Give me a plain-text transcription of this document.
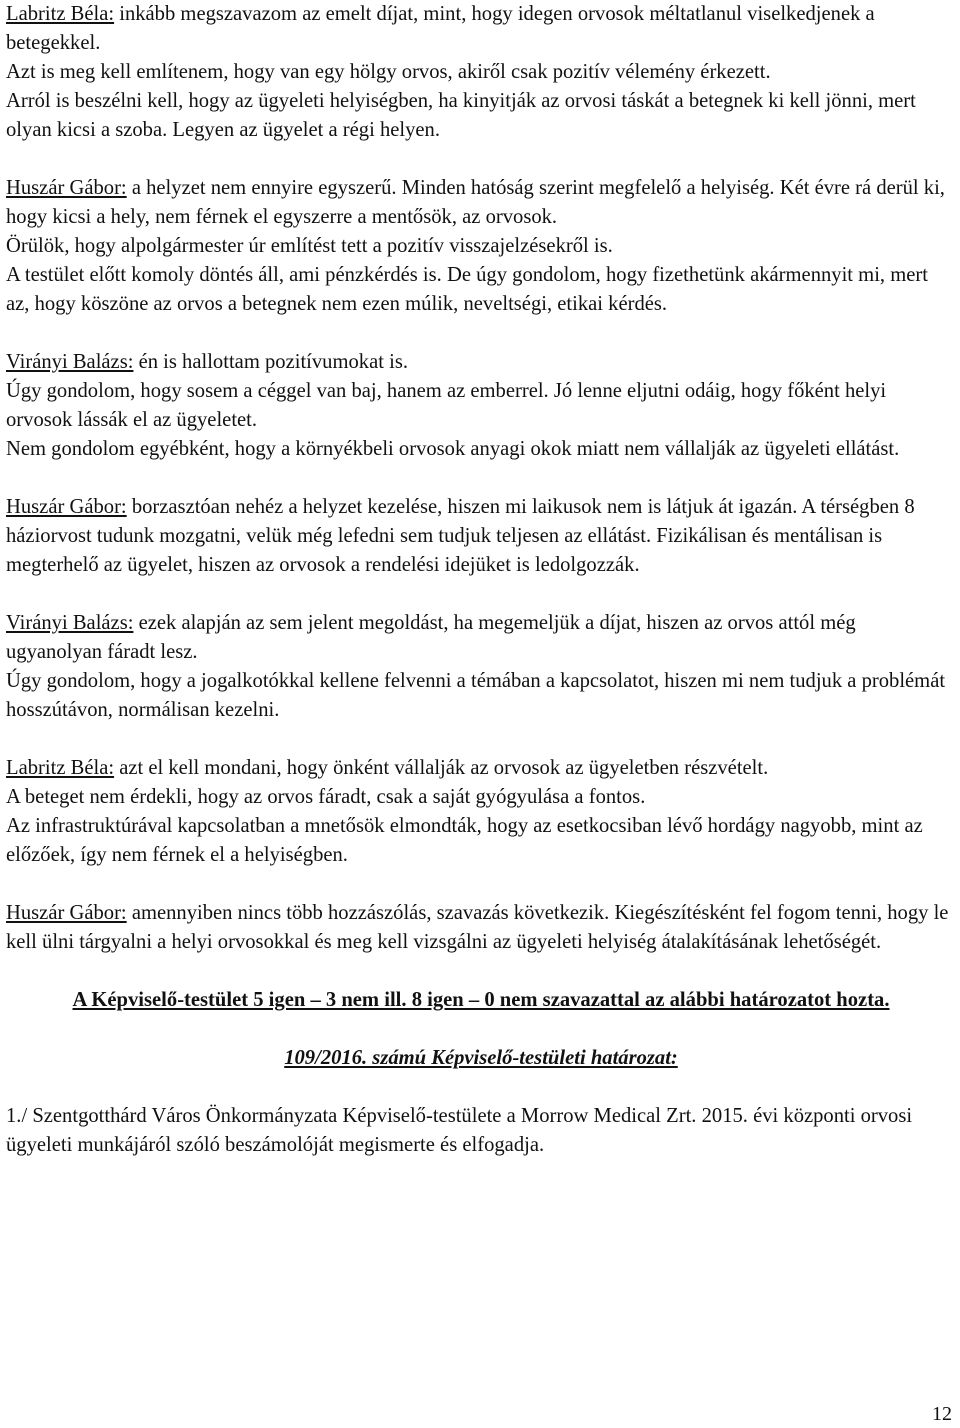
Labritz Béla: inkább megszavazom az emelt díjat, mint, hogy idegen orvosok méltatlanul viselkedjenek a betegekkel.

Azt is meg kell említenem, hogy van egy hölgy orvos, akiről csak pozitív vélemény érkezett.

Arról is beszélni kell, hogy az ügyeleti helyiségben, ha kinyitják az orvosi táskát a betegnek ki kell jönni, mert olyan kicsi a szoba. Legyen az ügyelet a régi helyen.

Huszár Gábor: a helyzet nem ennyire egyszerű. Minden hatóság szerint megfelelő a helyiség. Két évre rá derül ki, hogy kicsi a hely, nem férnek el egyszerre a mentősök, az orvosok.

Örülök, hogy alpolgármester úr említést tett a pozitív visszajelzésekről is.

A testület előtt komoly döntés áll, ami pénzkérdés is. De úgy gondolom, hogy fizethetünk akármennyit mi, mert az, hogy köszöne az orvos a betegnek nem ezen múlik, neveltségi, etikai kérdés.

Virányi Balázs: én is hallottam pozitívumokat is.

Úgy gondolom, hogy sosem a céggel van baj, hanem az emberrel. Jó lenne eljutni odáig, hogy főként helyi orvosok lássák el az ügyeletet.

Nem gondolom egyébként, hogy a környékbeli orvosok anyagi okok miatt nem vállalják az ügyeleti ellátást.

Huszár Gábor: borzasztóan nehéz a helyzet kezelése, hiszen mi laikusok nem is látjuk át igazán. A térségben 8 háziorvost tudunk mozgatni, velük még lefedni sem tudjuk teljesen az ellátást. Fizikálisan és mentálisan is megterhelő az ügyelet, hiszen az orvosok a rendelési idejüket is ledolgozzák.

Virányi Balázs: ezek alapján az sem jelent megoldást, ha megemeljük a díjat, hiszen az orvos attól még ugyanolyan fáradt lesz.

Úgy gondolom, hogy a jogalkotókkal kellene felvenni a témában a kapcsolatot, hiszen mi nem tudjuk a problémát hosszútávon, normálisan kezelni.

Labritz Béla: azt el kell mondani, hogy önként vállalják az orvosok az ügyeletben részvételt.

A beteget nem érdekli, hogy az orvos fáradt, csak a saját gyógyulása a fontos.

Az infrastruktúrával kapcsolatban a mnetősök elmondták, hogy az esetkocsiban lévő hordágy nagyobb, mint az előzőek, így nem férnek el a helyiségben.

Huszár Gábor: amennyiben nincs több hozzászólás, szavazás következik. Kiegészítésként fel fogom tenni, hogy le kell ülni tárgyalni a helyi orvosokkal és meg kell vizsgálni az ügyeleti helyiség átalakításának lehetőségét.

A Képviselő-testület 5 igen – 3 nem ill. 8 igen – 0 nem szavazattal az alábbi határozatot hozta.

109/2016. számú Képviselő-testületi határozat:

1./ Szentgotthárd Város Önkormányzata Képviselő-testülete a Morrow Medical Zrt. 2015. évi központi orvosi ügyeleti munkájáról szóló beszámolóját megismerte és elfogadja.

12
